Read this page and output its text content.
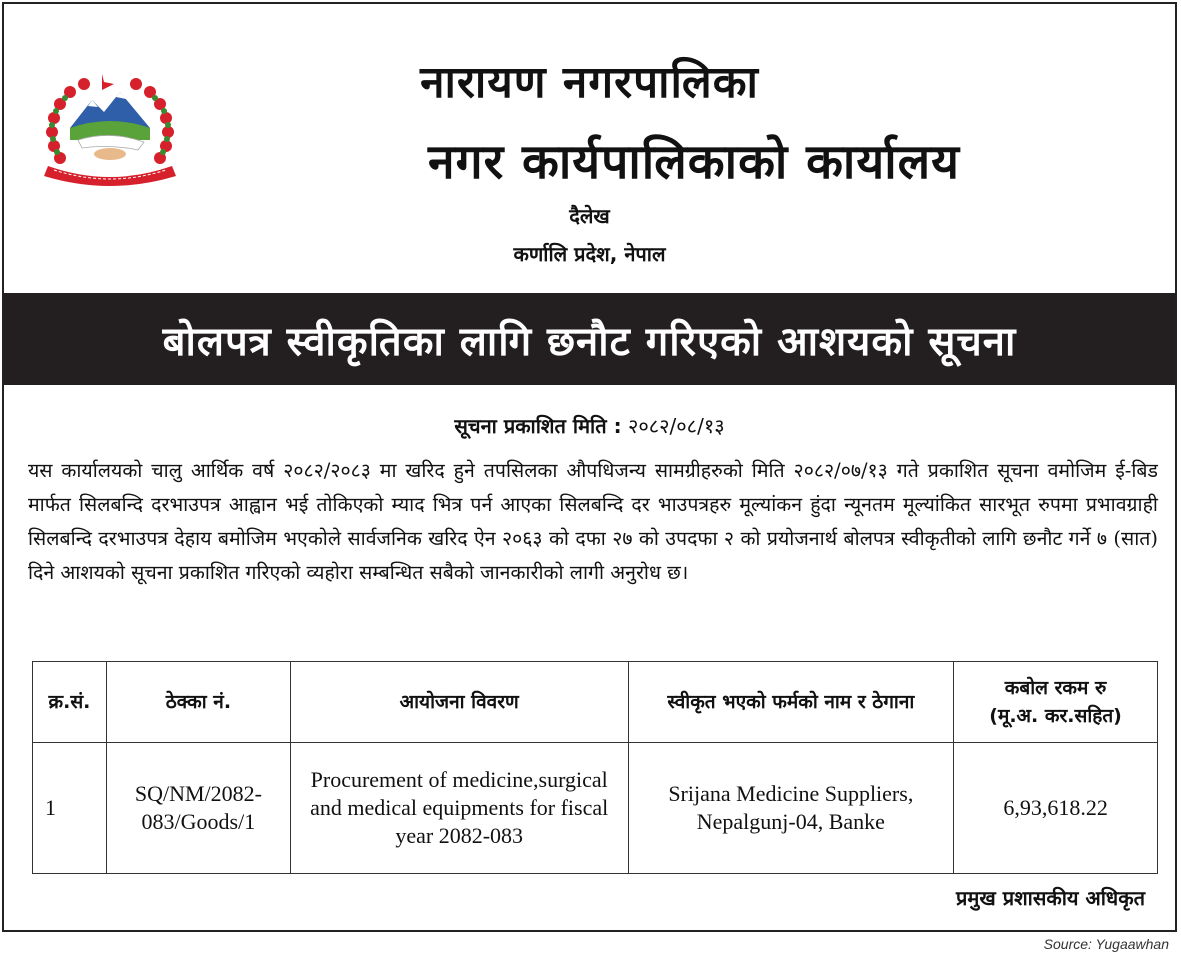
नारायण नगरपालिका
नगर कार्यपालिकाको कार्यालय
दैलेख
कर्णालि प्रदेश, नेपाल
बोलपत्र स्वीकृतिका लागि छनौट गरिएको आशयको सूचना
सूचना प्रकाशित मिति : २०८२/०८/१३
यस कार्यालयको चालु आर्थिक वर्ष २०८२/२०८३ मा खरिद हुने तपसिलका औपधिजन्य सामग्रीहरुको मिति २०८२/०७/१३ गते प्रकाशित सूचना वमोजिम ई-बिड मार्फत सिलबन्दि दरभाउपत्र आह्वान भई तोकिएको म्याद भित्र पर्न आएका सिलबन्दि दर भाउपत्रहरु मूल्यांकन हुंदा न्यूनतम मूल्यांकित सारभूत रुपमा प्रभावग्राही सिलबन्दि दरभाउपत्र देहाय बमोजिम भएकोले सार्वजनिक खरिद ऐन २०६३ को दफा २७ को उपदफा २ को प्रयोजनार्थ बोलपत्र स्वीकृतीको लागि छनौट गर्ने ७ (सात) दिने आशयको सूचना प्रकाशित गरिएको व्यहोरा सम्बन्धित सबैको जानकारीको लागी अनुरोध छ।
क्र.सं.	ठेक्का नं.	आयोजना विवरण	स्वीकृत भएको फर्मको नाम र ठेगाना	कबोल रकम रु
(मू.अ. कर.सहित)
1	SQ/NM/2082-083/Goods/1	Procurement of medicine,surgical and medical equipments for fiscal year 2082-083	Srijana Medicine Suppliers, Nepalgunj-04, Banke	6,93,618.22
प्रमुख प्रशासकीय अधिकृत
Source: Yugaawhan
